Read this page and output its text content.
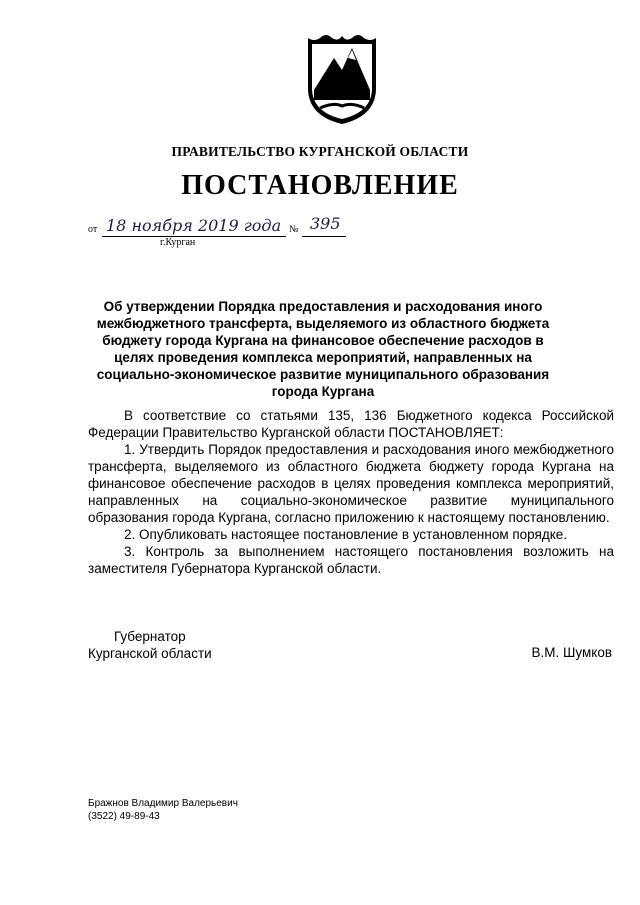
ПРАВИТЕЛЬСТВО КУРГАНСКОЙ ОБЛАСТИ
ПОСТАНОВЛЕНИЕ
от 18 ноября 2019 года № 395
г.Курган
Об утверждении Порядка предоставления и расходования иного межбюджетного трансферта, выделяемого из областного бюджета бюджету города Кургана на финансовое обеспечение расходов в целях проведения комплекса мероприятий, направленных на социально-экономическое развитие муниципального образования города Кургана

В соответствие со статьями 135, 136 Бюджетного кодекса Российской Федерации Правительство Курганской области ПОСТАНОВЛЯЕТ:

1. Утвердить Порядок предоставления и расходования иного межбюджетного трансферта, выделяемого из областного бюджета бюджету города Кургана на финансовое обеспечение расходов в целях проведения комплекса мероприятий, направленных на социально-экономическое развитие муниципального образования города Кургана, согласно приложению к настоящему постановлению.

2. Опубликовать настоящее постановление в установленном порядке.

3. Контроль за выполнением настоящего постановления возложить на заместителя Губернатора Курганской области.

Губернатор
Курганской области	В.М. Шумков
Бражнов Владимир Валерьевич
(3522) 49-89-43
